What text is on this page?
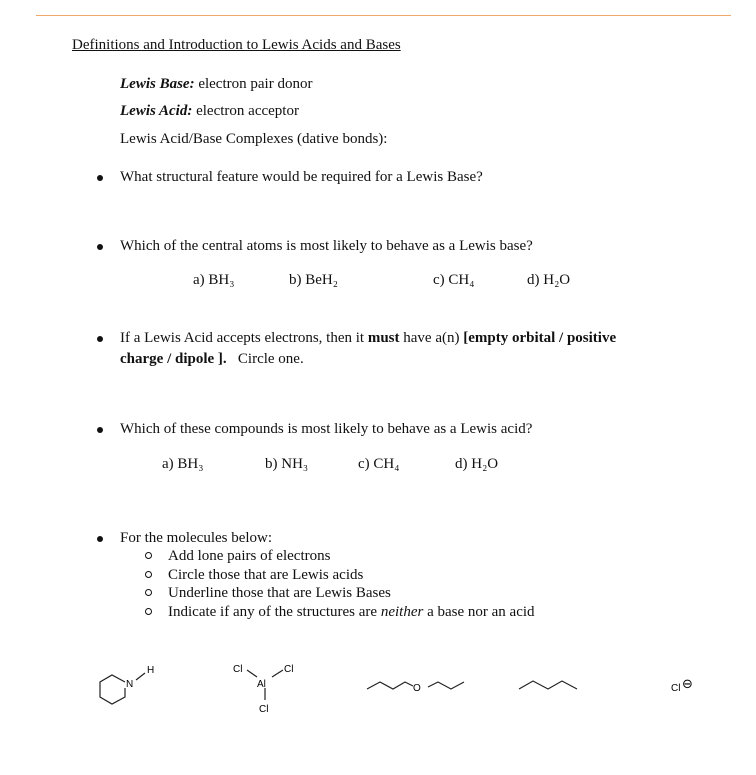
Definitions and Introduction to Lewis Acids and Bases
Lewis Base: electron pair donor
Lewis Acid: electron acceptor
Lewis Acid/Base Complexes (dative bonds):
What structural feature would be required for a Lewis Base?
Which of the central atoms is most likely to behave as a Lewis base?
a) BH₃	b) BeH₂	c) CH₄	d) H₂O
If a Lewis Acid accepts electrons, then it must have a(n) [empty orbital / positive
charge / dipole ]. Circle one.
Which of these compounds is most likely to behave as a Lewis acid?
a) BH₃	b) NH₃	c) CH₄	d) H₂O
For the molecules below:
Add lone pairs of electrons
Circle those that are Lewis acids
Underline those that are Lewis Bases
Indicate if any of the structures are neither a base nor an acid
N
H	Cl
Al
Cl
Cl
O	Cl ⊖
